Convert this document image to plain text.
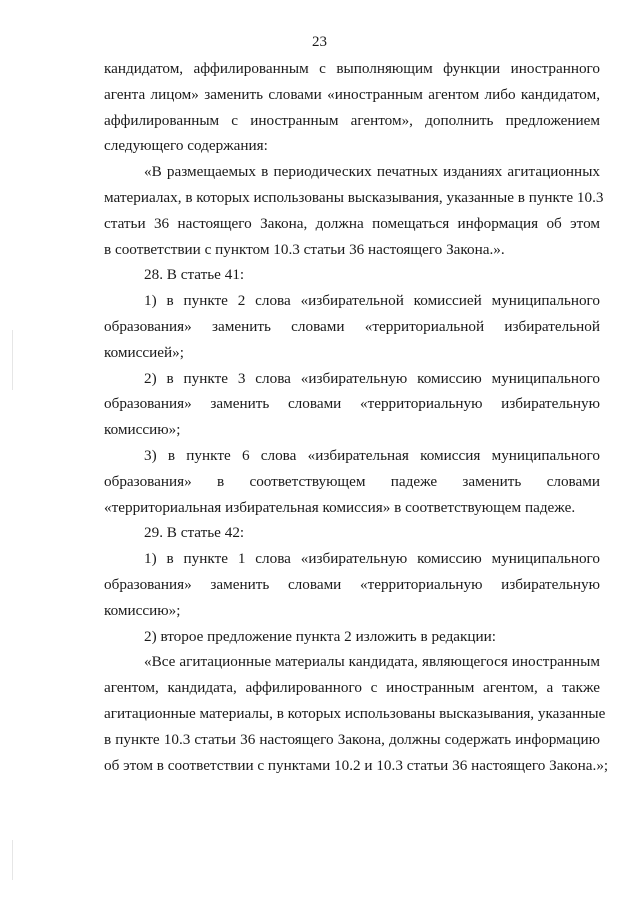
23
кандидатом, аффилированным с выполняющим функции иностранного
агента лицом» заменить словами «иностранным агентом либо кандидатом,
аффилированным с иностранным агентом», дополнить предложением
следующего содержания:
«В размещаемых в периодических печатных изданиях агитационных
материалах, в которых использованы высказывания, указанные в пункте 10.3
статьи 36 настоящего Закона, должна помещаться информация об этом
в соответствии с пунктом 10.3 статьи 36 настоящего Закона.».
28. В статье 41:
1) в пункте 2 слова «избирательной комиссией муниципального
образования» заменить словами «территориальной избирательной
комиссией»;
2) в пункте 3 слова «избирательную комиссию муниципального
образования» заменить словами «территориальную избирательную
комиссию»;
3) в пункте 6 слова «избирательная комиссия муниципального
образования» в соответствующем падеже заменить словами
«территориальная избирательная комиссия» в соответствующем падеже.
29. В статье 42:
1) в пункте 1 слова «избирательную комиссию муниципального
образования» заменить словами «территориальную избирательную
комиссию»;
2) второе предложение пункта 2 изложить в редакции:
«Все агитационные материалы кандидата, являющегося иностранным
агентом, кандидата, аффилированного с иностранным агентом, а также
агитационные материалы, в которых использованы высказывания, указанные
в пункте 10.3 статьи 36 настоящего Закона, должны содержать информацию
об этом в соответствии с пунктами 10.2 и 10.3 статьи 36 настоящего Закона.»;
